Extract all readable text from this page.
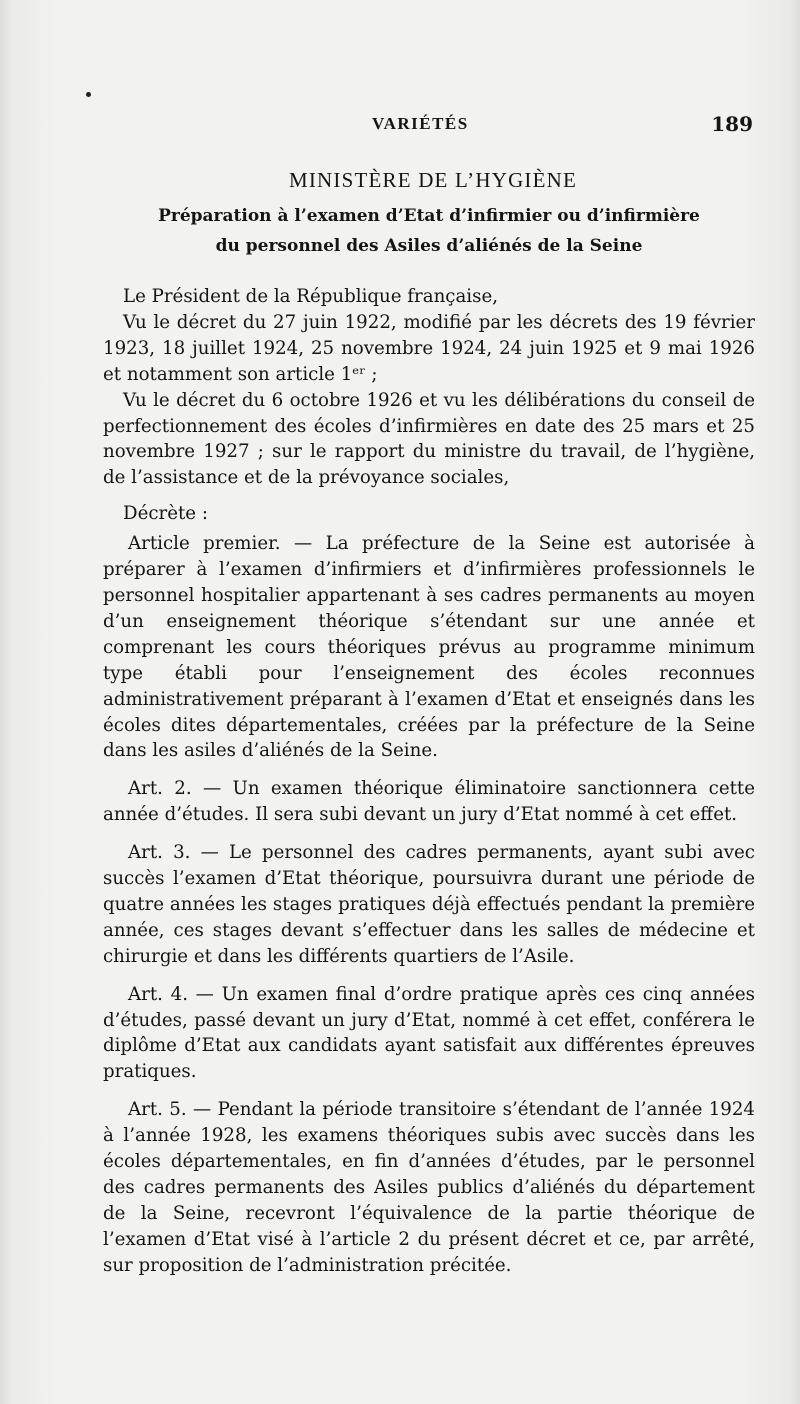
VARIÉTÉS	189
MINISTÈRE DE L’HYGIÈNE
Préparation à l’examen d’Etat d’infirmier ou d’infirmière
du personnel des Asiles d’aliénés de la Seine

Le Président de la République française,

Vu le décret du 27 juin 1922, modifié par les décrets des 19 février 1923, 18 juillet 1924, 25 novembre 1924, 24 juin 1925 et 9 mai 1926 et notamment son article 1ᵉʳ ;

Vu le décret du 6 octobre 1926 et vu les délibérations du conseil de perfectionnement des écoles d’infirmières en date des 25 mars et 25 novembre 1927 ; sur le rapport du ministre du travail, de l’hygiène, de l’assistance et de la prévoyance sociales,

Décrète :

Article premier. — La préfecture de la Seine est autorisée à préparer à l’examen d’infirmiers et d’infirmières professionnels le personnel hospitalier appartenant à ses cadres permanents au moyen d’un enseignement théorique s’étendant sur une année et comprenant les cours théoriques prévus au programme minimum type établi pour l’enseignement des écoles reconnues administrativement préparant à l’examen d’Etat et enseignés dans les écoles dites départementales, créées par la préfecture de la Seine dans les asiles d’aliénés de la Seine.

Art. 2. — Un examen théorique éliminatoire sanctionnera cette année d’études. Il sera subi devant un jury d’Etat nommé à cet effet.

Art. 3. — Le personnel des cadres permanents, ayant subi avec succès l’examen d’Etat théorique, poursuivra durant une période de quatre années les stages pratiques déjà effectués pendant la première année, ces stages devant s’effectuer dans les salles de médecine et chirurgie et dans les différents quartiers de l’Asile.

Art. 4. — Un examen final d’ordre pratique après ces cinq années d’études, passé devant un jury d’Etat, nommé à cet effet, conférera le diplôme d’Etat aux candidats ayant satisfait aux différentes épreuves pratiques.

Art. 5. — Pendant la période transitoire s’étendant de l’année 1924 à l’année 1928, les examens théoriques subis avec succès dans les écoles départementales, en fin d’années d’études, par le personnel des cadres permanents des Asiles publics d’aliénés du département de la Seine, recevront l’équivalence de la partie théorique de l’examen d’Etat visé à l’article 2 du présent décret et ce, par arrêté, sur proposition de l’administration précitée.
